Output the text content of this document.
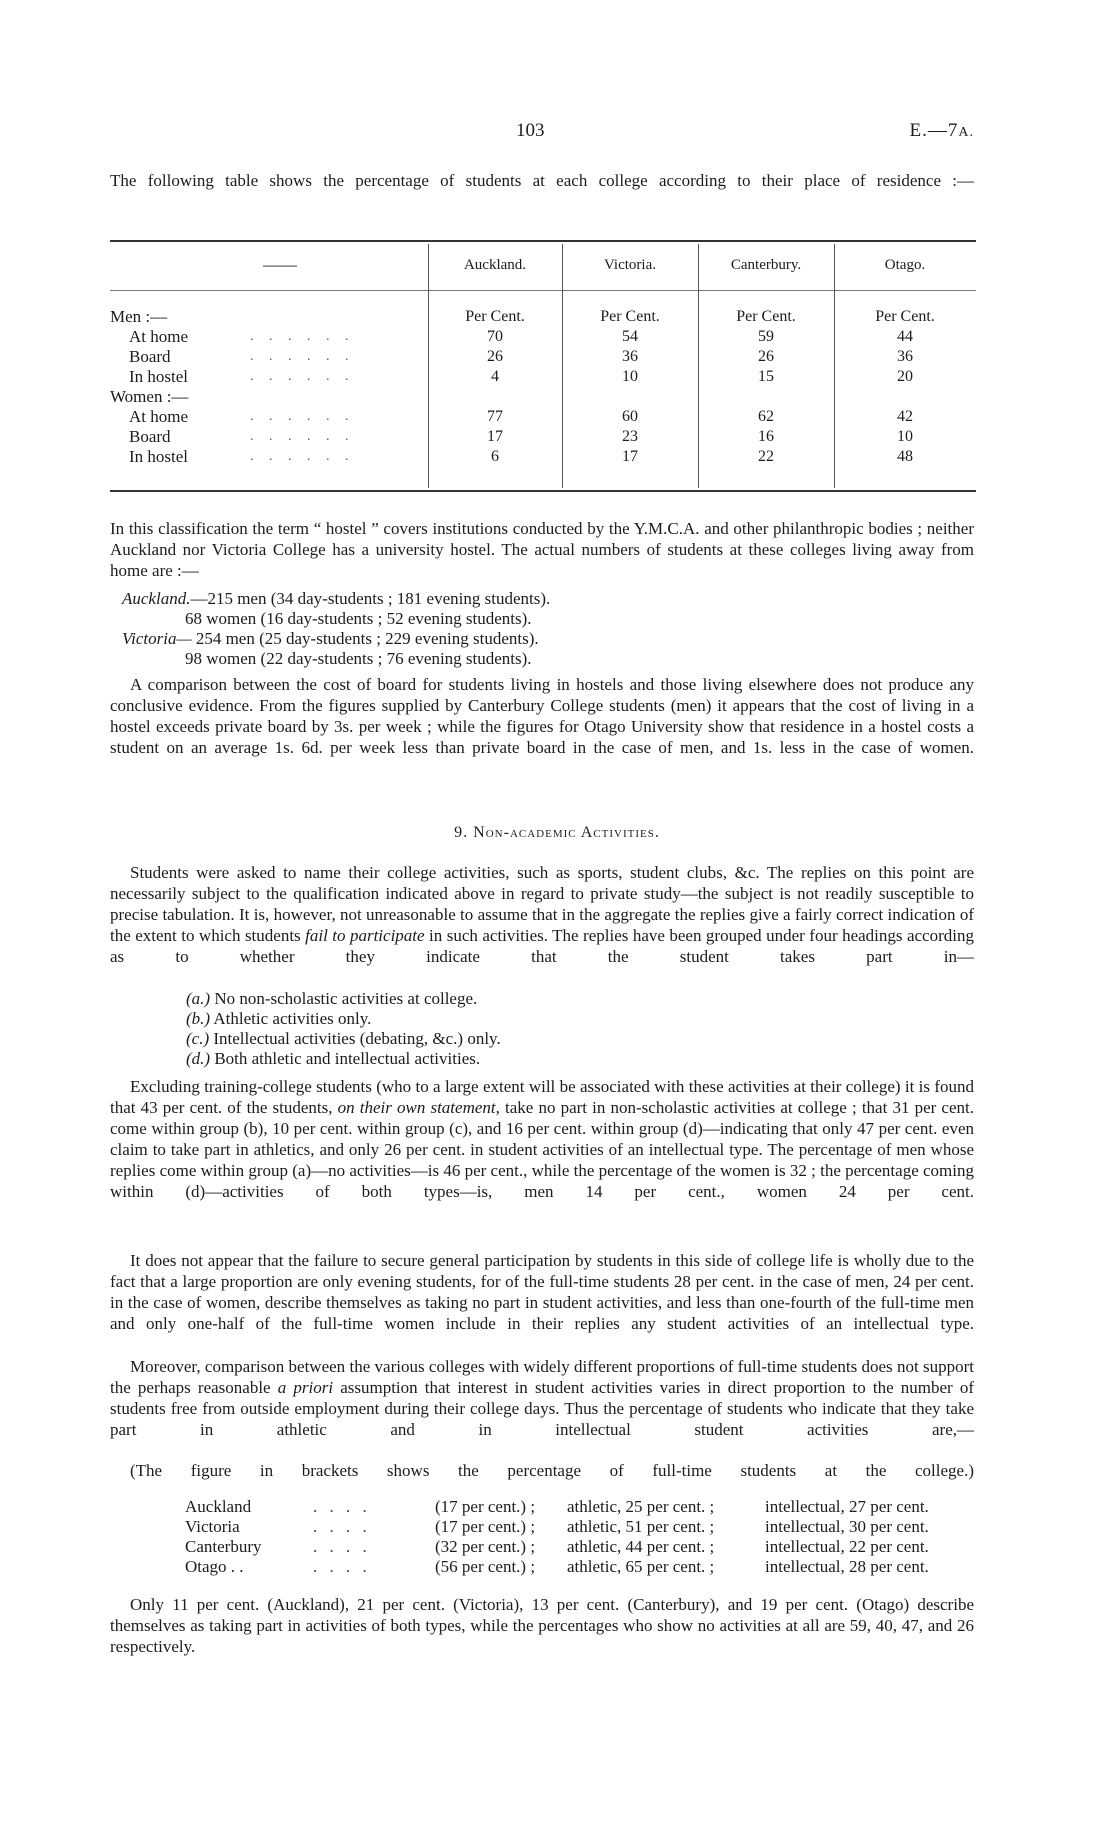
103	E.—7A.
The following table shows the percentage of students at each college according to their place of residence :—
——	Auckland.	Victoria.	Canterbury.	Otago.
Men :—	Per Cent.	Per Cent.	Per Cent.	Per Cent.
At home	. . . . . .	70	54	59	44
Board	. . . . . .	26	36	26	36
In hostel	. . . . . .	4	10	15	20
Women :—
At home	. . . . . .	77	60	62	42
Board	. . . . . .	17	23	16	10
In hostel	. . . . . .	6	17	22	48
In this classification the term “ hostel ” covers institutions conducted by the Y.M.C.A. and other philanthropic bodies ; neither Auckland nor Victoria College has a university hostel. The actual numbers of students at these colleges living away from home are :—
Auckland.—215 men (34 day-students ; 181 evening students).
68 women (16 day-students ; 52 evening students).
Victoria— 254 men (25 day-students ; 229 evening students).
98 women (22 day-students ; 76 evening students).
A comparison between the cost of board for students living in hostels and those living elsewhere does not produce any conclusive evidence. From the figures supplied by Canterbury College students (men) it appears that the cost of living in a hostel exceeds private board by 3s. per week ; while the figures for Otago University show that residence in a hostel costs a student on an average 1s. 6d. per week less than private board in the case of men, and 1s. less in the case of women.
9. Non-academic Activities.
Students were asked to name their college activities, such as sports, student clubs, &c. The replies on this point are necessarily subject to the qualification indicated above in regard to private study—the subject is not readily susceptible to precise tabulation. It is, however, not unreasonable to assume that in the aggregate the replies give a fairly correct indication of the extent to which students fail to participate in such activities. The replies have been grouped under four headings according as to whether they indicate that the student takes part in—
(a.) No non-scholastic activities at college.
(b.) Athletic activities only.
(c.) Intellectual activities (debating, &c.) only.
(d.) Both athletic and intellectual activities.
Excluding training-college students (who to a large extent will be associated with these activities at their college) it is found that 43 per cent. of the students, on their own statement, take no part in non-scholastic activities at college ; that 31 per cent. come within group (b), 10 per cent. within group (c), and 16 per cent. within group (d)—indicating that only 47 per cent. even claim to take part in athletics, and only 26 per cent. in student activities of an intellectual type. The percentage of men whose replies come within group (a)—no activities—is 46 per cent., while the percentage of the women is 32 ; the percentage coming within (d)—activities of both types—is, men 14 per cent., women 24 per cent.
It does not appear that the failure to secure general participation by students in this side of college life is wholly due to the fact that a large proportion are only evening students, for of the full-time students 28 per cent. in the case of men, 24 per cent. in the case of women, describe themselves as taking no part in student activities, and less than one-fourth of the full-time men and only one-half of the full-time women include in their replies any student activities of an intellectual type.
Moreover, comparison between the various colleges with widely different proportions of full-time students does not support the perhaps reasonable a priori assumption that interest in student activities varies in direct proportion to the number of students free from outside employment during their college days. Thus the percentage of students who indicate that they take part in athletic and in intellectual student activities are,—
(The figure in brackets shows the percentage of full-time students at the college.)
Auckland	. . . .	(17 per cent.) ; athletic, 25 per cent. ;	intellectual, 27 per cent.
Victoria	. . . .	(17 per cent.) ; athletic, 51 per cent. ;	intellectual, 30 per cent.
Canterbury	. . . .	(32 per cent.) ; athletic, 44 per cent. ;	intellectual, 22 per cent.
Otago . .	. . . .	(56 per cent.) ; athletic, 65 per cent. ;	intellectual, 28 per cent.
Only 11 per cent. (Auckland), 21 per cent. (Victoria), 13 per cent. (Canterbury), and 19 per cent. (Otago) describe themselves as taking part in activities of both types, while the percentages who show no activities at all are 59, 40, 47, and 26 respectively.
